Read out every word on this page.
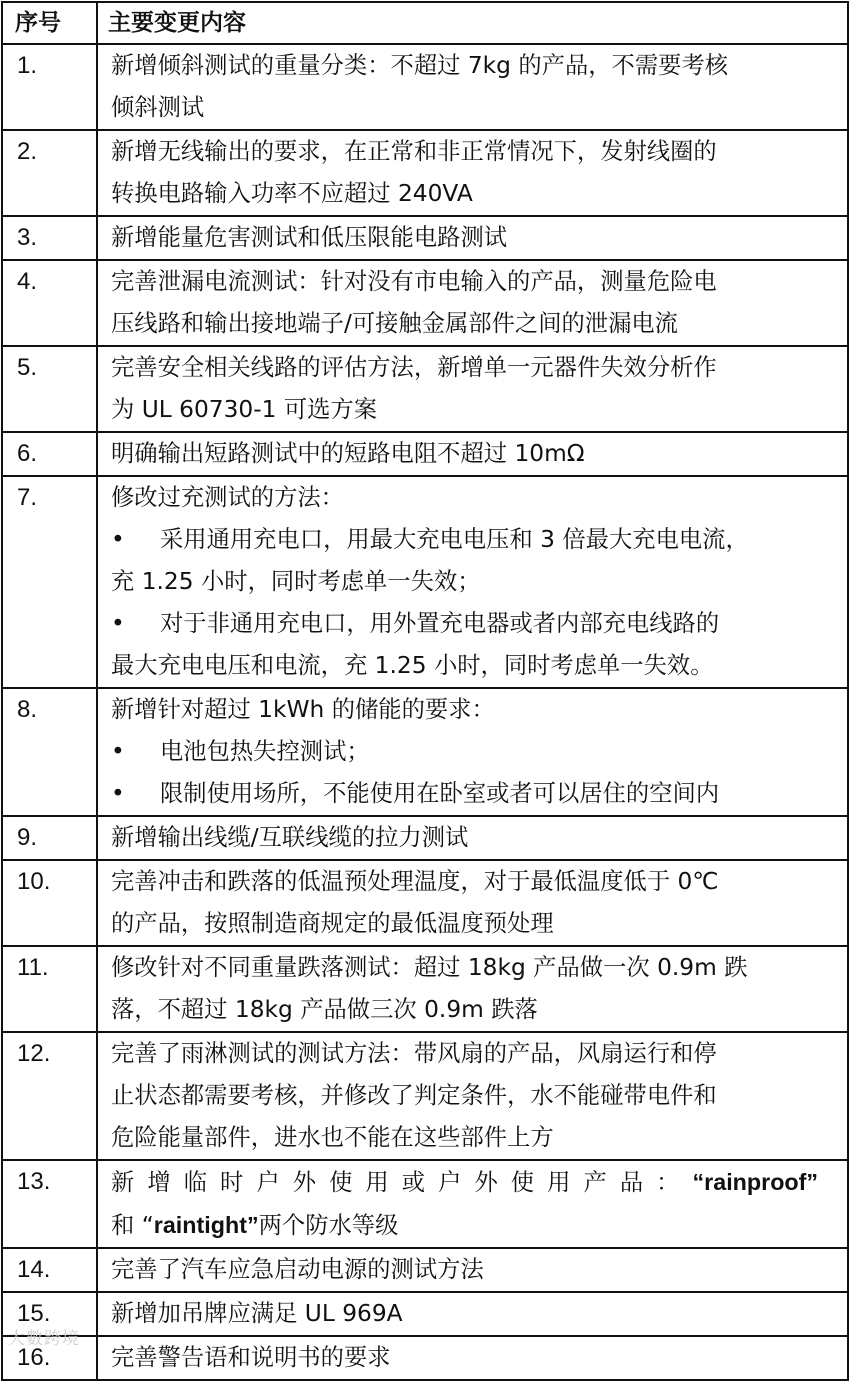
序号	主要变更内容
1.	新增倾斜测试的重量分类：不超过 7kg 的产品，不需要考核
倾斜测试

2.	新增无线输出的要求，在正常和非正常情况下，发射线圈的
转换电路输入功率不应超过 240VA

3.	新增能量危害测试和低压限能电路测试

4.	完善泄漏电流测试：针对没有市电输入的产品，测量危险电
压线路和输出接地端子/可接触金属部件之间的泄漏电流

5.	完善安全相关线路的评估方法，新增单一元器件失效分析作
为 UL 60730-1 可选方案

6.	明确输出短路测试中的短路电阻不超过 10mΩ

7.	修改过充测试的方法：
• 采用通用充电口，用最大充电电压和 3 倍最大充电电流，
充 1.25 小时，同时考虑单一失效；
• 对于非通用充电口，用外置充电器或者内部充电线路的
最大充电电压和电流，充 1.25 小时，同时考虑单一失效。

8.	新增针对超过 1kWh 的储能的要求：
• 电池包热失控测试；
• 限制使用场所，不能使用在卧室或者可以居住的空间内

9.	新增输出线缆/互联线缆的拉力测试

10.	完善冲击和跌落的低温预处理温度，对于最低温度低于 0℃
的产品，按照制造商规定的最低温度预处理

11.	修改针对不同重量跌落测试：超过 18kg 产品做一次 0.9m 跌
落，不超过 18kg 产品做三次 0.9m 跌落

12.	完善了雨淋测试的测试方法：带风扇的产品，风扇运行和停
止状态都需要考核，并修改了判定条件，水不能碰带电件和
危险能量部件，进水也不能在这些部件上方

13.	新增临时户外使用或户外使用产品：“rainproof”
和 “raintight”两个防水等级

14.	完善了汽车应急启动电源的测试方法

15.	新增加吊牌应满足 UL 969A

16.	完善警告语和说明书的要求
大數跨境
